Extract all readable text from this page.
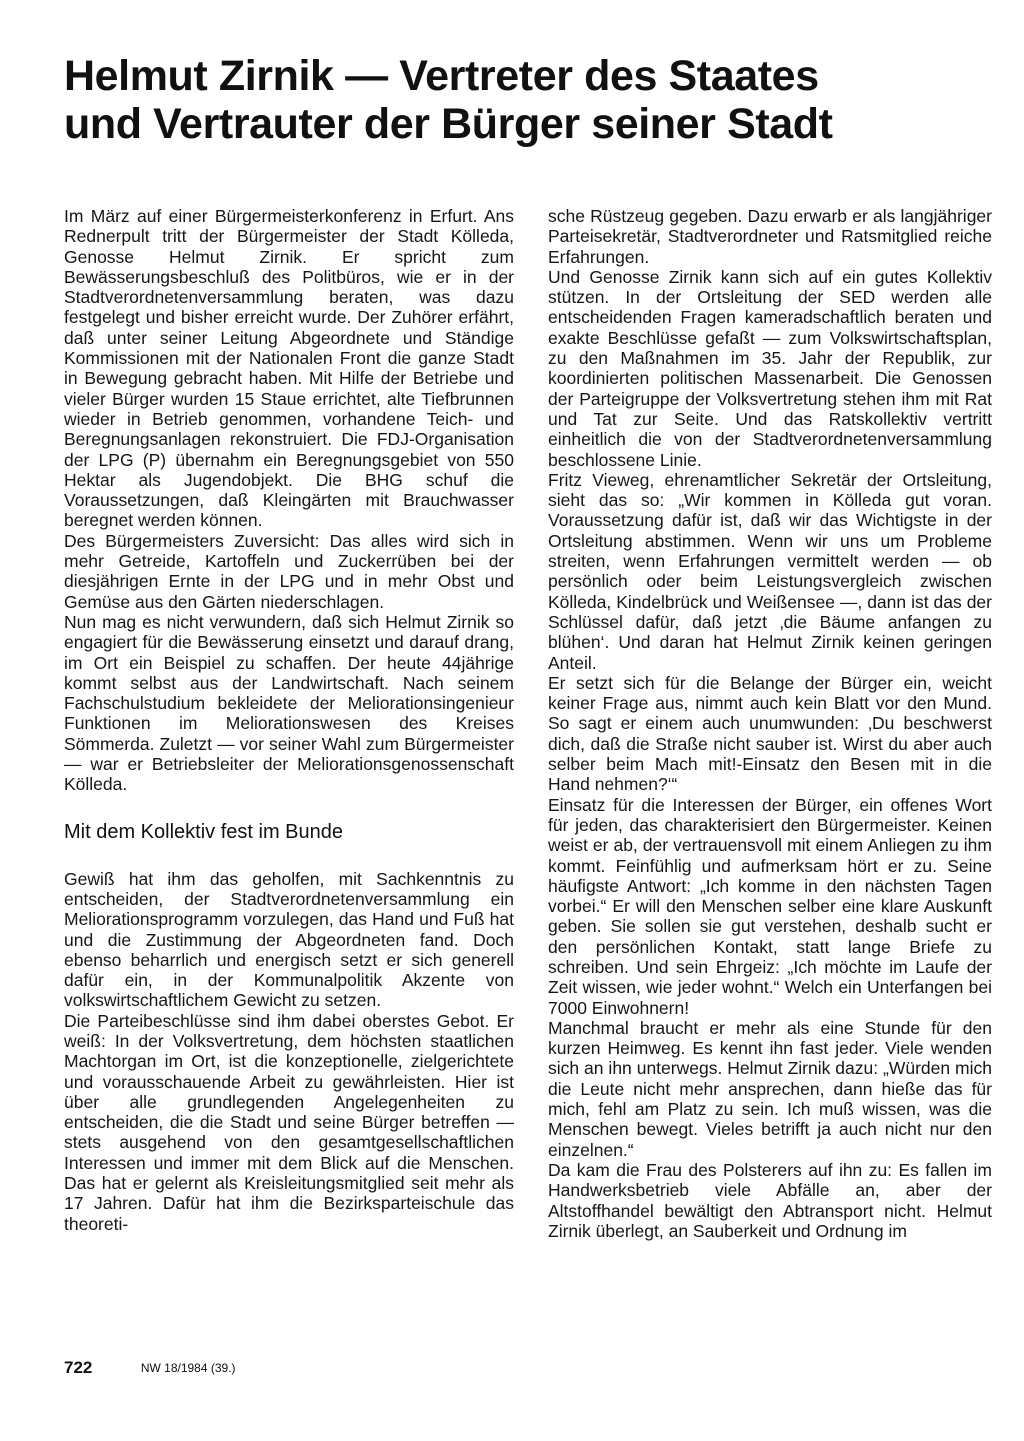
Helmut Zirnik — Vertreter des Staates
und Vertrauter der Bürger seiner Stadt

Im März auf einer Bürgermeisterkonferenz in Erfurt. Ans Rednerpult tritt der Bürgermeister der Stadt Kölleda, Genosse Helmut Zirnik. Er spricht zum Bewässerungsbeschluß des Politbüros, wie er in der Stadtverordnetenversammlung beraten, was dazu festgelegt und bisher erreicht wurde. Der Zuhörer erfährt, daß unter seiner Leitung Abgeordnete und Ständige Kommissionen mit der Nationalen Front die ganze Stadt in Bewegung gebracht haben. Mit Hilfe der Betriebe und vieler Bürger wurden 15 Staue errichtet, alte Tiefbrunnen wieder in Betrieb genommen, vorhandene Teich- und Beregnungsanlagen rekonstruiert. Die FDJ-Organisation der LPG (P) übernahm ein Beregnungsgebiet von 550 Hektar als Jugendobjekt. Die BHG schuf die Voraussetzungen, daß Kleingärten mit Brauchwasser beregnet werden können.

Des Bürgermeisters Zuversicht: Das alles wird sich in mehr Getreide, Kartoffeln und Zuckerrüben bei der diesjährigen Ernte in der LPG und in mehr Obst und Gemüse aus den Gärten niederschlagen.

Nun mag es nicht verwundern, daß sich Helmut Zirnik so engagiert für die Bewässerung einsetzt und darauf drang, im Ort ein Beispiel zu schaffen. Der heute 44jährige kommt selbst aus der Landwirtschaft. Nach seinem Fachschulstudium bekleidete der Meliorationsingenieur Funktionen im Meliorationswesen des Kreises Sömmerda. Zuletzt — vor seiner Wahl zum Bürgermeister — war er Betriebsleiter der Meliorationsgenossenschaft Kölleda.

Mit dem Kollektiv fest im Bunde

Gewiß hat ihm das geholfen, mit Sachkenntnis zu entscheiden, der Stadtverordnetenversammlung ein Meliorationsprogramm vorzulegen, das Hand und Fuß hat und die Zustimmung der Abgeordneten fand. Doch ebenso beharrlich und energisch setzt er sich generell dafür ein, in der Kommunalpolitik Akzente von volkswirtschaftlichem Gewicht zu setzen.

Die Parteibeschlüsse sind ihm dabei oberstes Gebot. Er weiß: In der Volksvertretung, dem höchsten staatlichen Machtorgan im Ort, ist die konzeptionelle, zielgerichtete und vorausschauende Arbeit zu gewährleisten. Hier ist über alle grundlegenden Angelegenheiten zu entscheiden, die die Stadt und seine Bürger betreffen — stets ausgehend von den gesamtgesellschaftlichen Interessen und immer mit dem Blick auf die Menschen. Das hat er gelernt als Kreisleitungsmitglied seit mehr als 17 Jahren. Dafür hat ihm die Bezirksparteischule das theoreti-

sche Rüstzeug gegeben. Dazu erwarb er als langjähriger Parteisekretär, Stadtverordneter und Ratsmitglied reiche Erfahrungen.

Und Genosse Zirnik kann sich auf ein gutes Kollektiv stützen. In der Ortsleitung der SED werden alle entscheidenden Fragen kameradschaftlich beraten und exakte Beschlüsse gefaßt — zum Volkswirtschaftsplan, zu den Maßnahmen im 35. Jahr der Republik, zur koordinierten politischen Massenarbeit. Die Genossen der Parteigruppe der Volksvertretung stehen ihm mit Rat und Tat zur Seite. Und das Ratskollektiv vertritt einheitlich die von der Stadtverordnetenversammlung beschlossene Linie.

Fritz Vieweg, ehrenamtlicher Sekretär der Ortsleitung, sieht das so: „Wir kommen in Kölleda gut voran. Voraussetzung dafür ist, daß wir das Wichtigste in der Ortsleitung abstimmen. Wenn wir uns um Probleme streiten, wenn Erfahrungen vermittelt werden — ob persönlich oder beim Leistungsvergleich zwischen Kölleda, Kindelbrück und Weißensee —, dann ist das der Schlüssel dafür, daß jetzt ‚die Bäume anfangen zu blühen‘. Und daran hat Helmut Zirnik keinen geringen Anteil.

Er setzt sich für die Belange der Bürger ein, weicht keiner Frage aus, nimmt auch kein Blatt vor den Mund. So sagt er einem auch unumwunden: ‚Du beschwerst dich, daß die Straße nicht sauber ist. Wirst du aber auch selber beim Mach mit!-Einsatz den Besen mit in die Hand nehmen?‘“

Einsatz für die Interessen der Bürger, ein offenes Wort für jeden, das charakterisiert den Bürgermeister. Keinen weist er ab, der vertrauensvoll mit einem Anliegen zu ihm kommt. Feinfühlig und aufmerksam hört er zu. Seine häufigste Antwort: „Ich komme in den nächsten Tagen vorbei.“ Er will den Menschen selber eine klare Auskunft geben. Sie sollen sie gut verstehen, deshalb sucht er den persönlichen Kontakt, statt lange Briefe zu schreiben. Und sein Ehrgeiz: „Ich möchte im Laufe der Zeit wissen, wie jeder wohnt.“ Welch ein Unterfangen bei 7000 Einwohnern!

Manchmal braucht er mehr als eine Stunde für den kurzen Heimweg. Es kennt ihn fast jeder. Viele wenden sich an ihn unterwegs. Helmut Zirnik dazu: „Würden mich die Leute nicht mehr ansprechen, dann hieße das für mich, fehl am Platz zu sein. Ich muß wissen, was die Menschen bewegt. Vieles betrifft ja auch nicht nur den einzelnen.“

Da kam die Frau des Polsterers auf ihn zu: Es fallen im Handwerksbetrieb viele Abfälle an, aber der Altstoffhandel bewältigt den Abtransport nicht. Helmut Zirnik überlegt, an Sauberkeit und Ordnung im

722	NW 18/1984 (39.)
